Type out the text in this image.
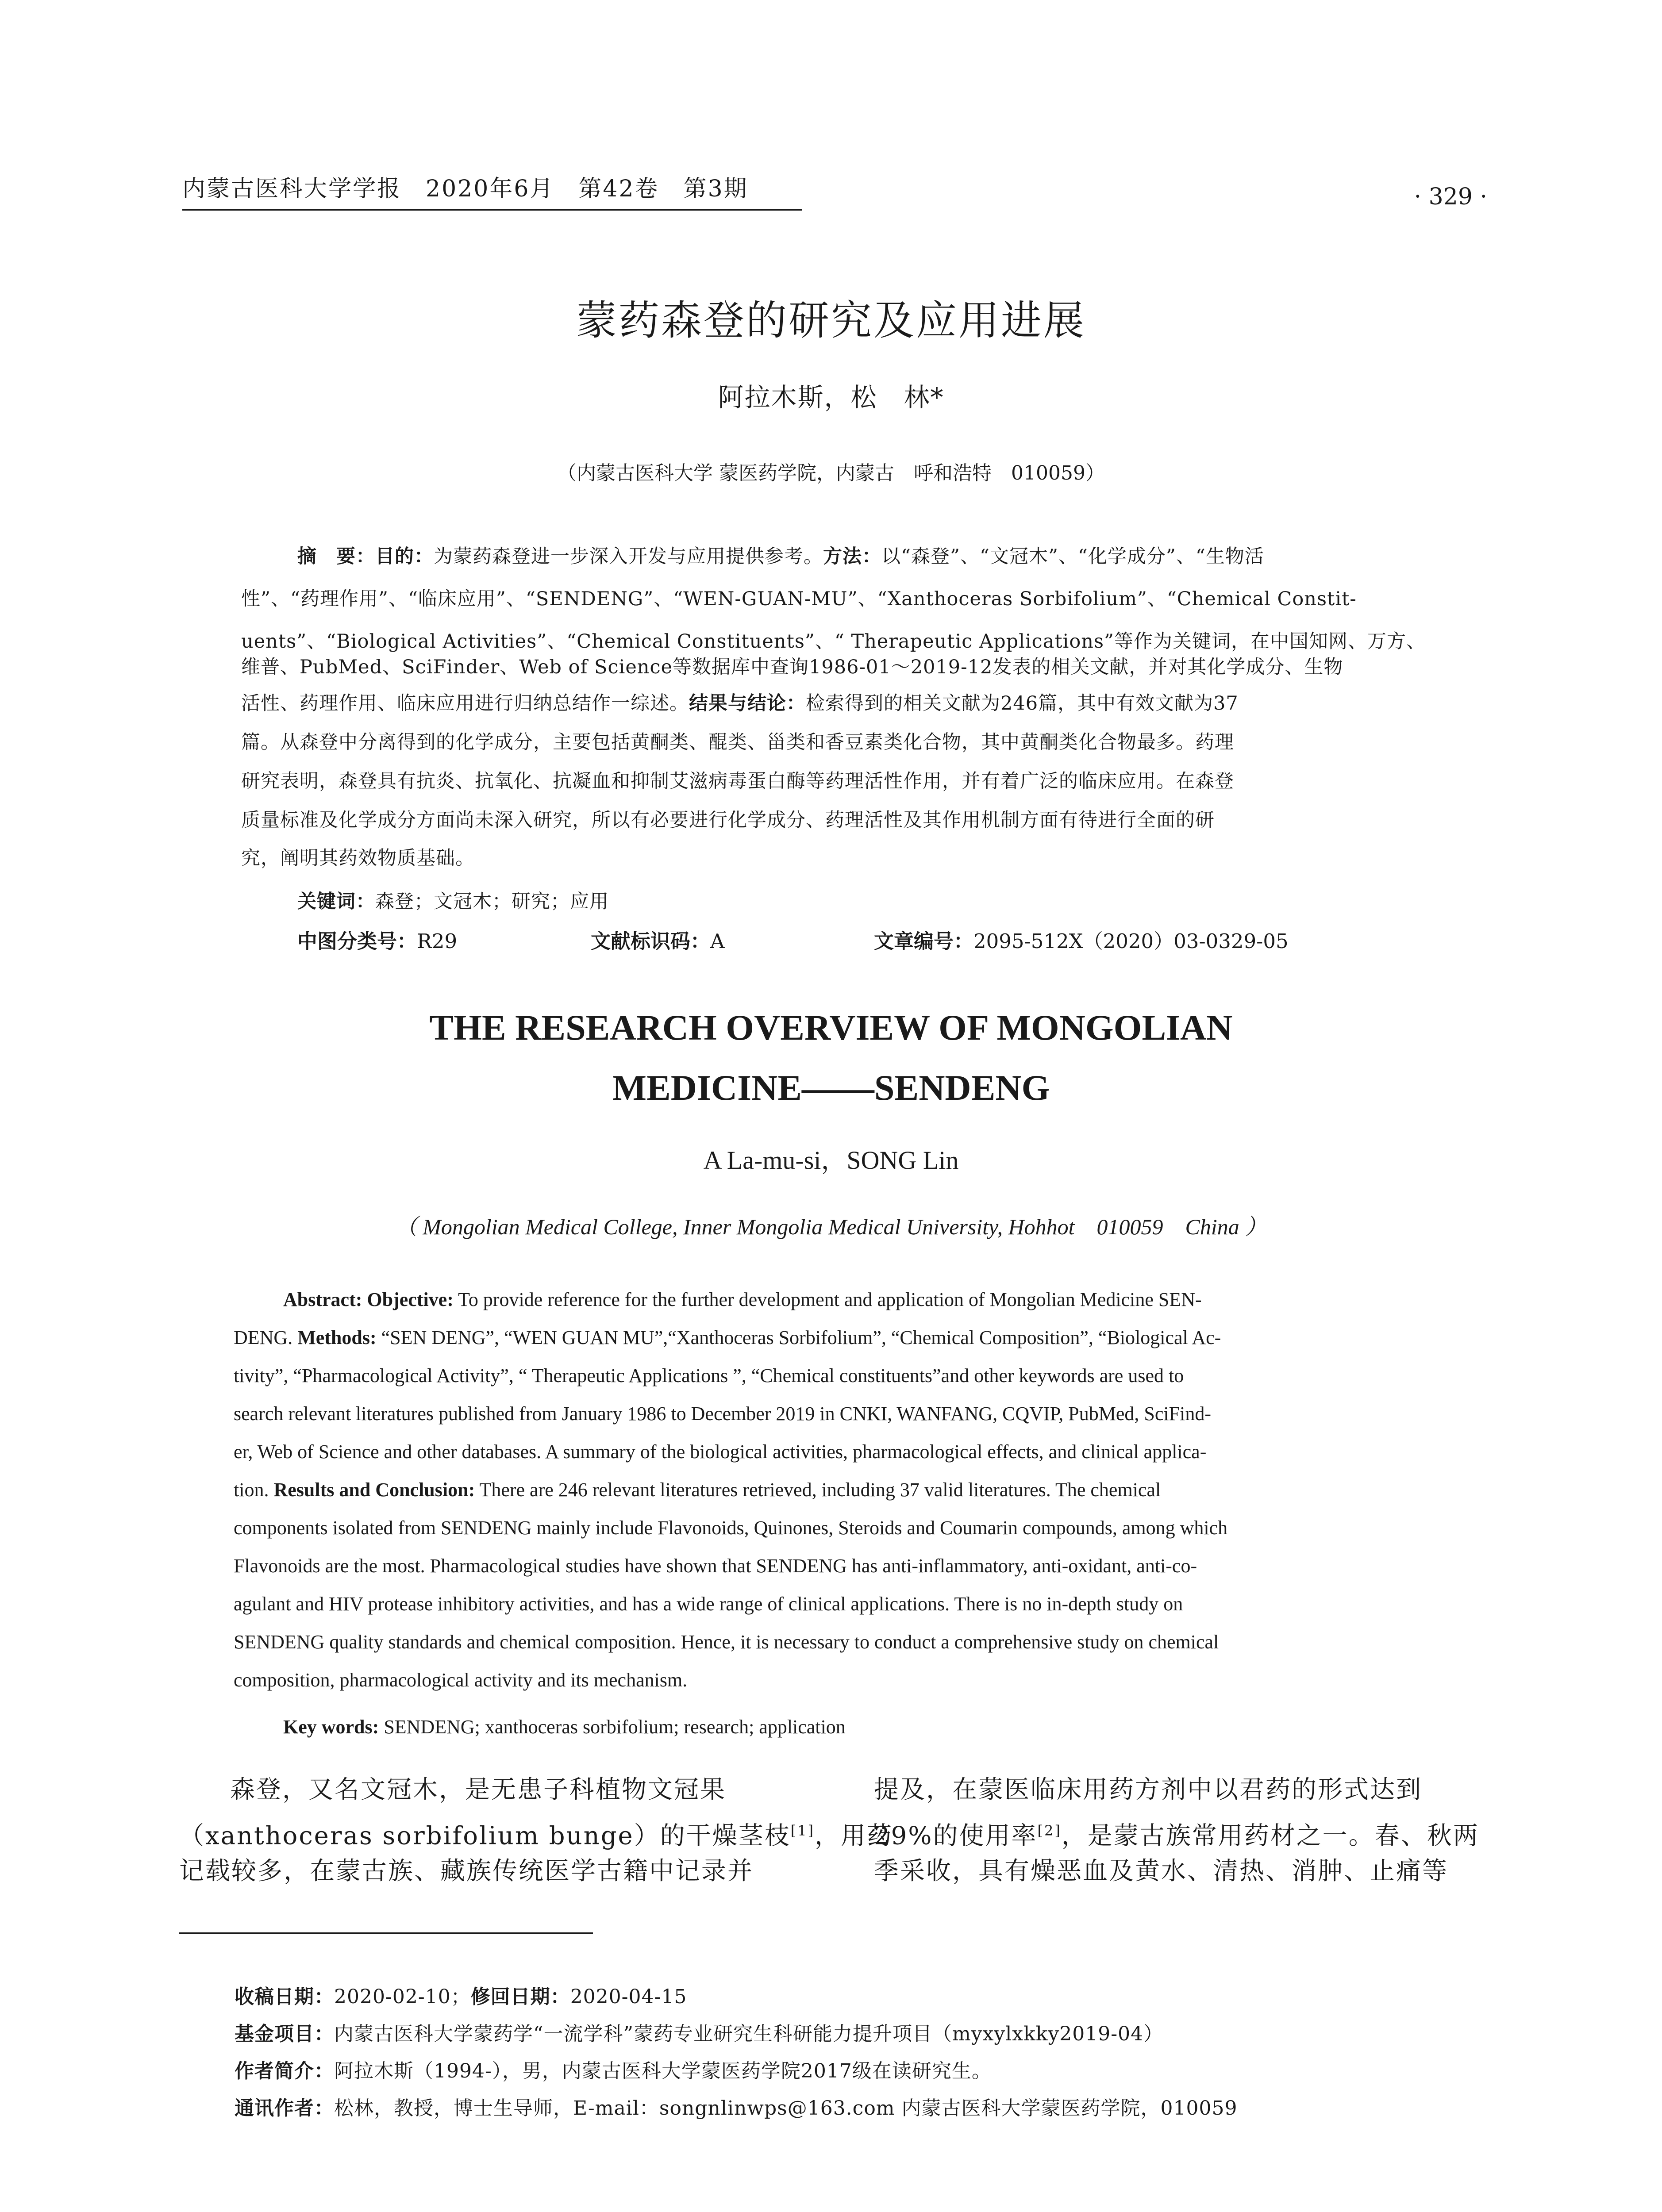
内蒙古医科大学学报　2020年6月　第42卷　第3期	· 329 ·
蒙药森登的研究及应用进展
阿拉木斯，松　林*
（内蒙古医科大学 蒙医药学院，内蒙古　呼和浩特　010059）
摘　要：目的：为蒙药森登进一步深入开发与应用提供参考。方法：以“森登”、“文冠木”、“化学成分”、“生物活
性”、“药理作用”、“临床应用”、“SENDENG”、“WEN-GUAN-MU”、“Xanthoceras Sorbifolium”、“Chemical Constit-
uents”、“Biological Activities”、“Chemical Constituents”、“ Therapeutic Applications”等作为关键词，在中国知网、万方、
维普、PubMed、SciFinder、Web of Science等数据库中查询1986-01～2019-12发表的相关文献，并对其化学成分、生物
活性、药理作用、临床应用进行归纳总结作一综述。结果与结论：检索得到的相关文献为246篇，其中有效文献为37
篇。从森登中分离得到的化学成分，主要包括黄酮类、醌类、甾类和香豆素类化合物，其中黄酮类化合物最多。药理
研究表明，森登具有抗炎、抗氧化、抗凝血和抑制艾滋病毒蛋白酶等药理活性作用，并有着广泛的临床应用。在森登
质量标准及化学成分方面尚未深入研究，所以有必要进行化学成分、药理活性及其作用机制方面有待进行全面的研
究，阐明其药效物质基础。
关键词：森登；文冠木；研究；应用
中图分类号：R29	文献标识码：A	文章编号：2095-512X（2020）03-0329-05
THE RESEARCH OVERVIEW OF MONGOLIAN
MEDICINE——SENDENG
A La-mu-si，SONG Lin
（ Mongolian Medical College, Inner Mongolia Medical University, Hohhot　010059　China ）
Abstract: Objective: To provide reference for the further development and application of Mongolian Medicine SEN-
DENG. Methods: “SEN DENG”, “WEN GUAN MU”,“Xanthoceras Sorbifolium”, “Chemical Composition”, “Biological Ac-
tivity”, “Pharmacological Activity”, “ Therapeutic Applications ”, “Chemical constituents”and other keywords are used to
search relevant literatures published from January 1986 to December 2019 in CNKI, WANFANG, CQVIP, PubMed, SciFind-
er, Web of Science and other databases. A summary of the biological activities, pharmacological effects, and clinical applica-
tion. Results and Conclusion: There are 246 relevant literatures retrieved, including 37 valid literatures. The chemical
components isolated from SENDENG mainly include Flavonoids, Quinones, Steroids and Coumarin compounds, among which
Flavonoids are the most. Pharmacological studies have shown that SENDENG has anti-inflammatory, anti-oxidant, anti-co-
agulant and HIV protease inhibitory activities, and has a wide range of clinical applications. There is no in-depth study on
SENDENG quality standards and chemical composition. Hence, it is necessary to conduct a comprehensive study on chemical
composition, pharmacological activity and its mechanism.
Key words: SENDENG; xanthoceras sorbifolium; research; application
森登，又名文冠木，是无患子科植物文冠果
（xanthoceras sorbifolium bunge）的干燥茎枝[1]，用药
记载较多，在蒙古族、藏族传统医学古籍中记录并
提及，在蒙医临床用药方剂中以君药的形式达到
29%的使用率[2]，是蒙古族常用药材之一。春、秋两
季采收，具有燥恶血及黄水、清热、消肿、止痛等
收稿日期：2020-02-10；修回日期：2020-04-15
基金项目：内蒙古医科大学蒙药学“一流学科”蒙药专业研究生科研能力提升项目（myxylxkky2019-04）
作者简介：阿拉木斯（1994-），男，内蒙古医科大学蒙医药学院2017级在读研究生。
通讯作者：松林，教授，博士生导师，E-mail：songnlinwps@163.com 内蒙古医科大学蒙医药学院，010059
